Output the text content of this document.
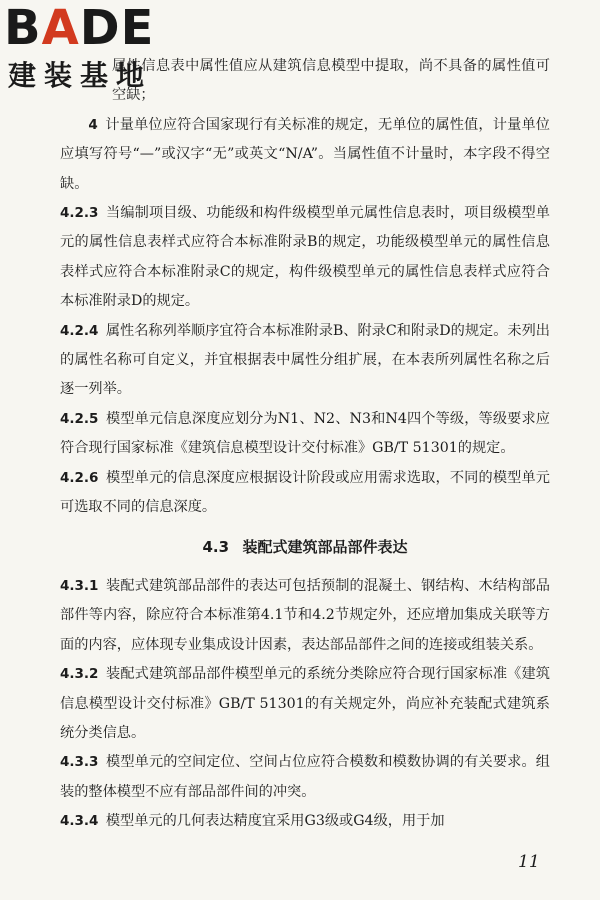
BADE
建装基地

属性信息表中属性值应从建筑信息模型中提取，尚不具备的属性值可空缺；

4 计量单位应符合国家现行有关标准的规定，无单位的属性值，计量单位应填写符号“—”或汉字“无”或英文“N/A”。当属性值不计量时，本字段不得空缺。

4.2.3 当编制项目级、功能级和构件级模型单元属性信息表时，项目级模型单元的属性信息表样式应符合本标准附录B的规定，功能级模型单元的属性信息表样式应符合本标准附录C的规定，构件级模型单元的属性信息表样式应符合本标准附录D的规定。

4.2.4 属性名称列举顺序宜符合本标准附录B、附录C和附录D的规定。未列出的属性名称可自定义，并宜根据表中属性分组扩展，在本表所列属性名称之后逐一列举。

4.2.5 模型单元信息深度应划分为N1、N2、N3和N4四个等级，等级要求应符合现行国家标准《建筑信息模型设计交付标准》GB/T 51301的规定。

4.2.6 模型单元的信息深度应根据设计阶段或应用需求选取，不同的模型单元可选取不同的信息深度。

4.3 装配式建筑部品部件表达

4.3.1 装配式建筑部品部件的表达可包括预制的混凝土、钢结构、木结构部品部件等内容，除应符合本标准第4.1节和4.2节规定外，还应增加集成关联等方面的内容，应体现专业集成设计因素，表达部品部件之间的连接或组装关系。

4.3.2 装配式建筑部品部件模型单元的系统分类除应符合现行国家标准《建筑信息模型设计交付标准》GB/T 51301的有关规定外，尚应补充装配式建筑系统分类信息。

4.3.3 模型单元的空间定位、空间占位应符合模数和模数协调的有关要求。组装的整体模型不应有部品部件间的冲突。

4.3.4 模型单元的几何表达精度宜采用G3级或G4级，用于加

11
